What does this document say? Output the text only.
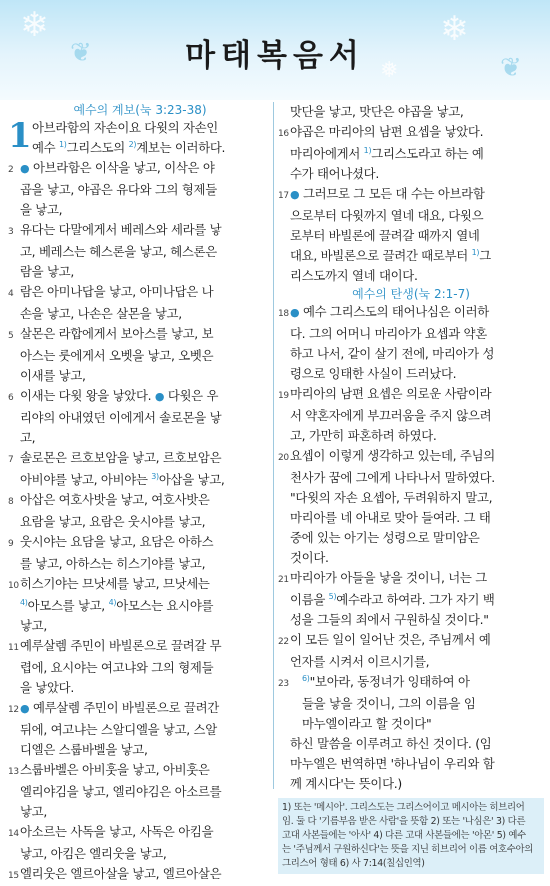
❄
❦
❄
❦
❅
마태복음서
예수의 계보(눅 3:23-38)
1 아브라함의 자손이요 다윗의 자손인
예수 $^{1)}$그리스도의 $^{2)}$계보는 이러하다.
2 ● 아브라함은 이삭을 낳고, 이삭은 야
곱을 낳고, 야곱은 유다와 그의 형제들
을 낳고,
3 유다는 다말에게서 베레스와 세라를 낳
고, 베레스는 헤스론을 낳고, 헤스론은
람을 낳고,
4 람은 아미나답을 낳고, 아미나답은 나
손을 낳고, 나손은 살몬을 낳고,
5 살몬은 라합에게서 보아스를 낳고, 보
아스는 룻에게서 오벳을 낳고, 오벳은
이새를 낳고,
6 이새는 다윗 왕을 낳았다. ● 다윗은 우
리야의 아내였던 이에게서 솔로몬을 낳
고,
7 솔로몬은 르호보암을 낳고, 르호보암은
아비야를 낳고, 아비야는 $^{3)}$아삽을 낳고,
8 아삽은 여호사밧을 낳고, 여호사밧은
요람을 낳고, 요람은 웃시야를 낳고,
9 웃시야는 요담을 낳고, 요담은 아하스
를 낳고, 아하스는 히스기야를 낳고,
10히스기야는 므낫세를 낳고, 므낫세는
$^{4)}$아모스를 낳고, $^{4)}$아모스는 요시야를
낳고,
11예루살렘 주민이 바빌론으로 끌려갈 무
렵에, 요시야는 여고냐와 그의 형제들
을 낳았다.
12● 예루살렘 주민이 바빌론으로 끌려간
뒤에, 여고냐는 스알디엘을 낳고, 스알
디엘은 스룹바벨을 낳고,
13스룹바벨은 아비훗을 낳고, 아비훗은
엘리야김을 낳고, 엘리야김은 아소르를
낳고,
14아소르는 사독을 낳고, 사독은 아킴을
낳고, 아킴은 엘리웃을 낳고,
15엘리웃은 엘르아살을 낳고, 엘르아살은
맛단을 낳고, 맛단은 야곱을 낳고,
16야곱은 마리아의 남편 요셉을 낳았다.
마리아에게서 $^{1)}$그리스도라고 하는 예
수가 태어나셨다.
17● 그러므로 그 모든 대 수는 아브라함
으로부터 다윗까지 열네 대요, 다윗으
로부터 바빌론에 끌려갈 때까지 열네
대요, 바빌론으로 끌려간 때로부터 $^{1)}$그
리스도까지 열네 대이다.
예수의 탄생(눅 2:1-7)
18● 예수 그리스도의 태어나심은 이러하
다. 그의 어머니 마리아가 요셉과 약혼
하고 나서, 같이 살기 전에, 마리아가 성
령으로 잉태한 사실이 드러났다.
19마리아의 남편 요셉은 의로운 사람이라
서 약혼자에게 부끄러움을 주지 않으려
고, 가만히 파혼하려 하였다.
20요셉이 이렇게 생각하고 있는데, 주님의
천사가 꿈에 그에게 나타나서 말하였다.
"다윗의 자손 요셉아, 두려워하지 말고,
마리아를 네 아내로 맞아 들여라. 그 태
중에 있는 아기는 성령으로 말미암은
것이다.
21마리아가 아들을 낳을 것이니, 너는 그
이름을 $^{5)}$예수라고 하여라. 그가 자기 백
성을 그들의 죄에서 구원하실 것이다."
22이 모든 일이 일어난 것은, 주님께서 예
언자를 시켜서 이르시기를,
23$^{6)}$"보아라, 동정녀가 잉태하여 아
들을 낳을 것이니, 그의 이름을 임
마누엘이라고 할 것이다"
하신 말씀을 이루려고 하신 것이다. (임
마누엘은 번역하면 '하나님이 우리와 함
께 계시다'는 뜻이다.)
1) 또는 '메시아'. 그리스도는 그리스어이고 메시아는 히브리어
임. 둘 다 '기름부음 받은 사람'을 뜻함 2) 또는 '나심은' 3) 다른
고대 사본들에는 '아사' 4) 다른 고대 사본들에는 '아몬' 5) 예수
는 '주님께서 구원하신다'는 뜻을 지닌 히브리어 이름 여호수아의
그리스어 형태 6) 사 7:14(칠십인역)
